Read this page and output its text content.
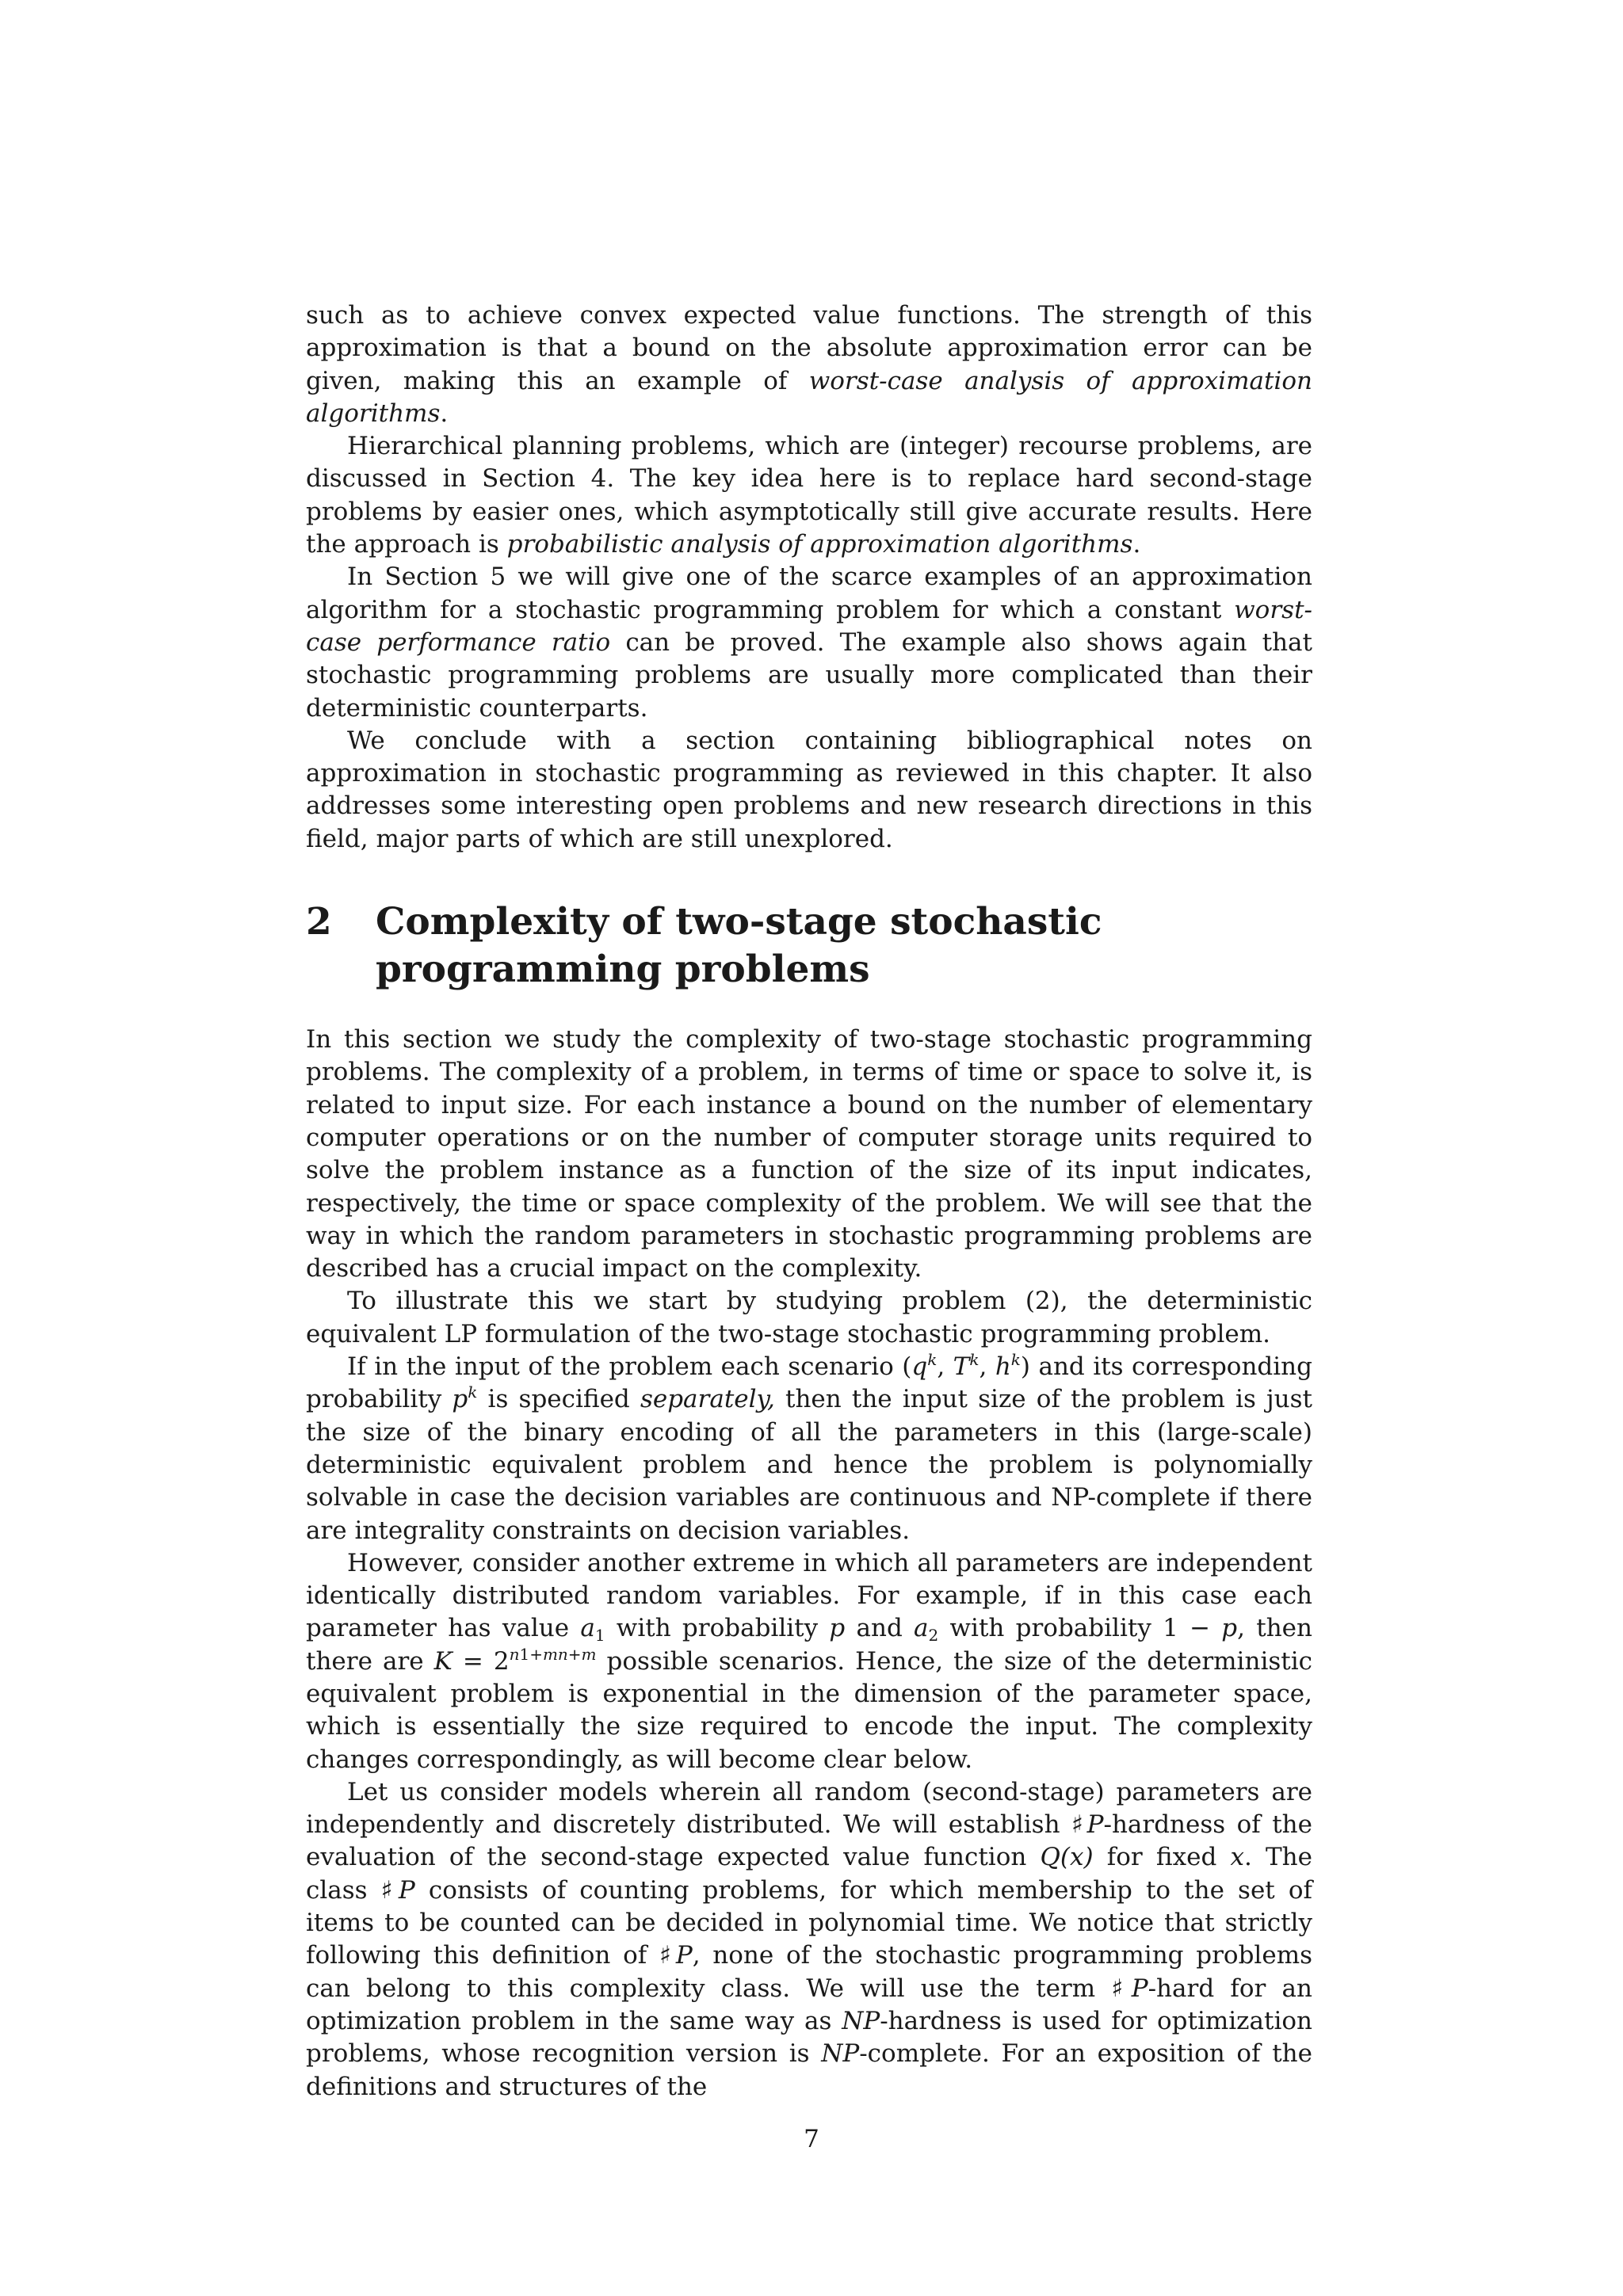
such as to achieve convex expected value functions. The strength of this approximation is that a bound on the absolute approximation error can be given, making this an example of worst-case analysis of approximation algorithms.

Hierarchical planning problems, which are (integer) recourse problems, are discussed in Section 4. The key idea here is to replace hard second-stage problems by easier ones, which asymptotically still give accurate results. Here the approach is probabilistic analysis of approximation algorithms.

In Section 5 we will give one of the scarce examples of an approximation algorithm for a stochastic programming problem for which a constant worst-case performance ratio can be proved. The example also shows again that stochastic programming problems are usually more complicated than their deterministic counterparts.

We conclude with a section containing bibliographical notes on approximation in stochastic programming as reviewed in this chapter. It also addresses some interesting open problems and new research directions in this field, major parts of which are still unexplored.

2	Complexity of two-stage stochastic programming problems

In this section we study the complexity of two-stage stochastic programming problems. The complexity of a problem, in terms of time or space to solve it, is related to input size. For each instance a bound on the number of elementary computer operations or on the number of computer storage units required to solve the problem instance as a function of the size of its input indicates, respectively, the time or space complexity of the problem. We will see that the way in which the random parameters in stochastic programming problems are described has a crucial impact on the complexity.

To illustrate this we start by studying problem (2), the deterministic equivalent LP formulation of the two-stage stochastic programming problem.

If in the input of the problem each scenario ($q^k$, $T^k$, $h^k$) and its corresponding probability $p^k$ is specified separately, then the input size of the problem is just the size of the binary encoding of all the parameters in this (large-scale) deterministic equivalent problem and hence the problem is polynomially solvable in case the decision variables are continuous and NP-complete if there are integrality constraints on decision variables.

However, consider another extreme in which all parameters are independent identically distributed random variables. For example, if in this case each parameter has value $a_1$ with probability p and $a_2$ with probability 1 − p, then there are $K = 2^{n1+mn+m}$ possible scenarios. Hence, the size of the deterministic equivalent problem is exponential in the dimension of the parameter space, which is essentially the size required to encode the input. The complexity changes correspondingly, as will become clear below.

Let us consider models wherein all random (second-stage) parameters are independently and discretely distributed. We will establish ♯P-hardness of the evaluation of the second-stage expected value function Q(x) for fixed x. The class ♯P consists of counting problems, for which membership to the set of items to be counted can be decided in polynomial time. We notice that strictly following this definition of ♯P, none of the stochastic programming problems can belong to this complexity class. We will use the term ♯P-hard for an optimization problem in the same way as NP-hardness is used for optimization problems, whose recognition version is NP-complete. For an exposition of the definitions and structures of the

7
